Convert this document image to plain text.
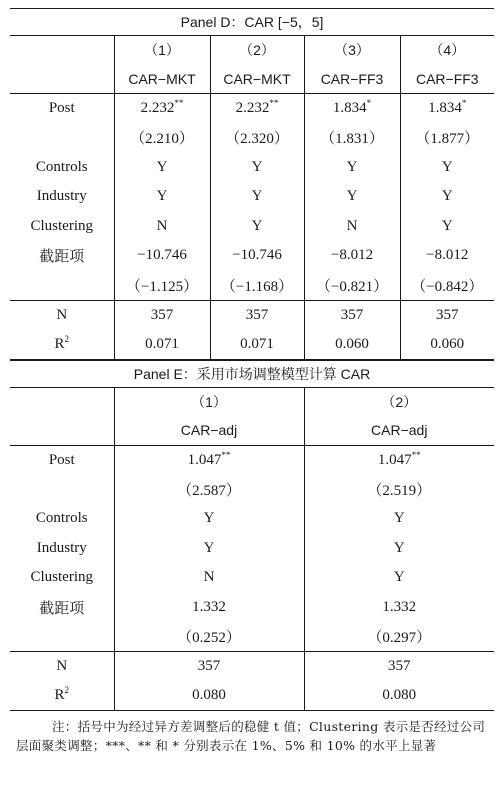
Panel D：CAR [−5，5]				
	（1）	（2）	（3）	（4）
	CAR−MKT	CAR−MKT	CAR−FF3	CAR−FF3
Post	2.232**	2.232**	1.834*	1.834*
	（2.210）	（2.320）	（1.831）	（1.877）
Controls	Y	Y	Y	Y
Industry	Y	Y	Y	Y
Clustering	N	Y	N	Y
截距项	−10.746	−10.746	−8.012	−8.012
	（−1.125）	（−1.168）	（−0.821）	（−0.842）
N	357	357	357	357
$R^2$	0.071	0.071	0.060	0.060
Panel E：采用市场调整模型计算 CAR		
	（1）	（2）
	CAR−adj	CAR−adj
Post	1.047**	1.047**
	（2.587）	（2.519）
Controls	Y	Y
Industry	Y	Y
Clustering	N	Y
截距项	1.332	1.332
	（0.252）	（0.297）
N	357	357
$R^2$	0.080	0.080
注：括号中为经过异方差调整后的稳健 t 值；Clustering 表示是否经过公司层面聚类调整；***、** 和 * 分别表示在 1%、5% 和 10% 的水平上显著
